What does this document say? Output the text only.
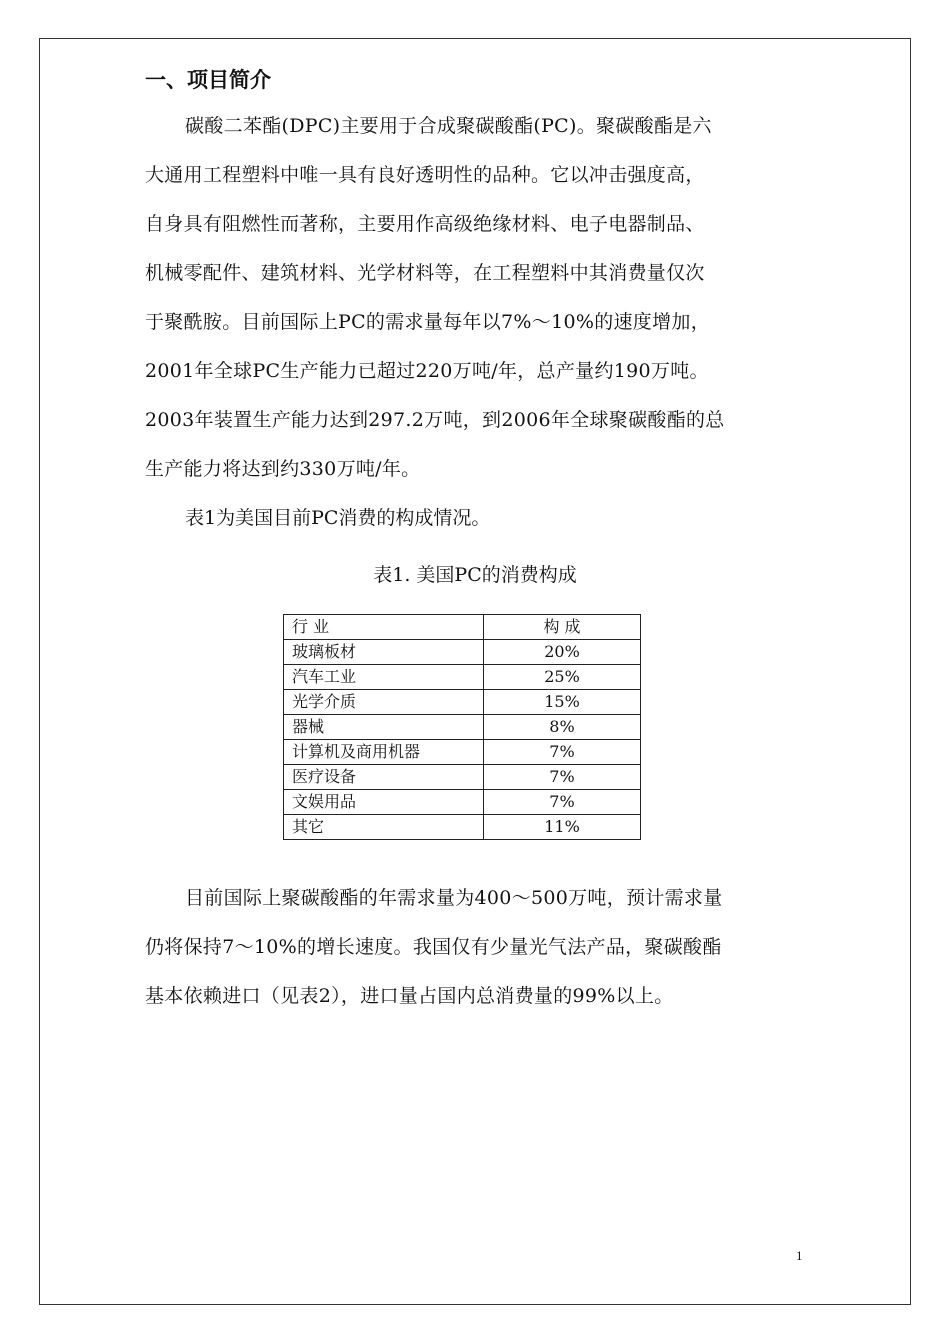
一、项目简介

碳酸二苯酯(DPC)主要用于合成聚碳酸酯(PC)。聚碳酸酯是六
大通用工程塑料中唯一具有良好透明性的品种。它以冲击强度高，
自身具有阻燃性而著称，主要用作高级绝缘材料、电子电器制品、
机械零配件、建筑材料、光学材料等，在工程塑料中其消费量仅次
于聚酰胺。目前国际上PC的需求量每年以7%～10%的速度增加，
2001年全球PC生产能力已超过220万吨/年，总产量约190万吨。
2003年装置生产能力达到297.2万吨，到2006年全球聚碳酸酯的总
生产能力将达到约330万吨/年。

表1为美国目前PC消费的构成情况。

表1. 美国PC的消费构成
行 业	构 成
玻璃板材	20%
汽车工业	25%
光学介质	15%
器械	8%
计算机及商用机器	7%
医疗设备	7%
文娱用品	7%
其它	11%

目前国际上聚碳酸酯的年需求量为400～500万吨，预计需求量
仍将保持7～10%的增长速度。我国仅有少量光气法产品，聚碳酸酯
基本依赖进口（见表2），进口量占国内总消费量的99%以上。

1
